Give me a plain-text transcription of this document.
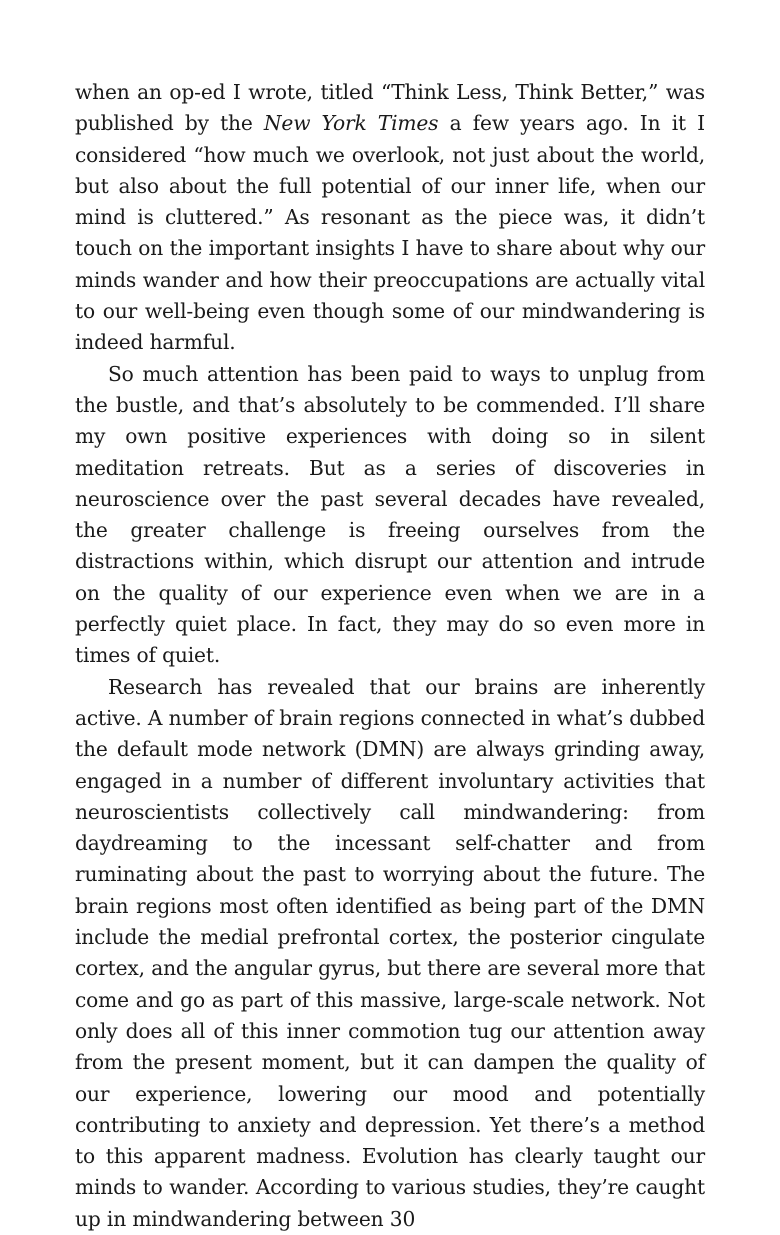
when an op-ed I wrote, titled “Think Less, Think Better,” was published by the New York Times a few years ago. In it I considered “how much we overlook, not just about the world, but also about the full potential of our inner life, when our mind is cluttered.” As resonant as the piece was, it didn’t touch on the important insights I have to share about why our minds wander and how their preoccupations are actually vital to our well-being even though some of our mindwandering is indeed harmful.

So much attention has been paid to ways to unplug from the bustle, and that’s absolutely to be commended. I’ll share my own positive experiences with doing so in silent meditation retreats. But as a series of discoveries in neuroscience over the past several decades have revealed, the greater challenge is freeing ourselves from the distractions within, which disrupt our attention and intrude on the quality of our experience even when we are in a perfectly quiet place. In fact, they may do so even more in times of quiet.

Research has revealed that our brains are inherently active. A number of brain regions connected in what’s dubbed the default mode network (DMN) are always grinding away, engaged in a number of different involuntary activities that neuroscientists collectively call mindwandering: from daydreaming to the incessant self-chatter and from ruminating about the past to worrying about the future. The brain regions most often identified as being part of the DMN include the medial prefrontal cortex, the posterior cingulate cortex, and the angular gyrus, but there are several more that come and go as part of this massive, large-scale network. Not only does all of this inner commotion tug our attention away from the present moment, but it can dampen the quality of our experience, lowering our mood and potentially contributing to anxiety and depression. Yet there’s a method to this apparent madness. Evolution has clearly taught our minds to wander. According to various studies, they’re caught up in mindwandering between 30
